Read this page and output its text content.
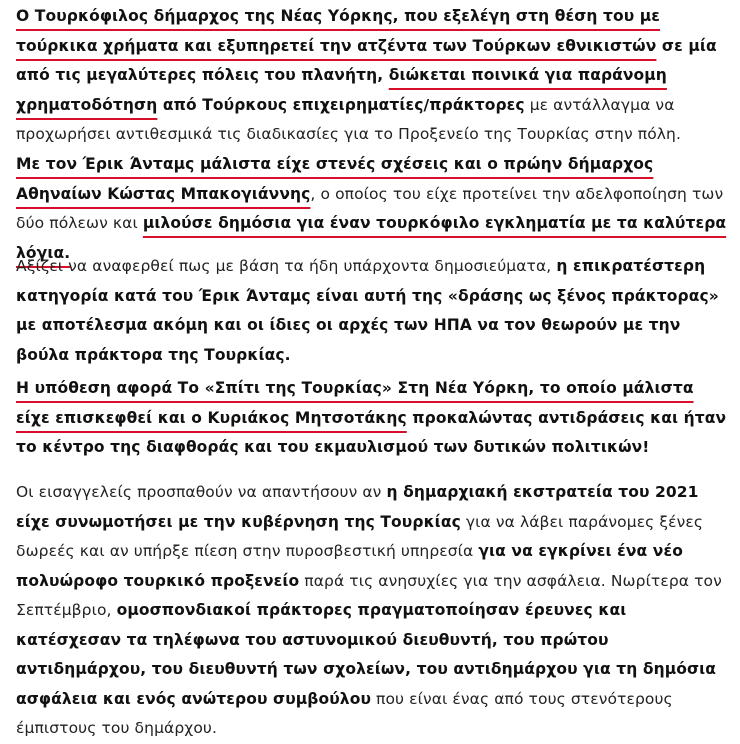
Ο Τουρκόφιλος δήμαρχος της Νέας Υόρκης, που εξελέγη στη θέση του με τούρκικα χρήματα και εξυπηρετεί την ατζέντα των Τούρκων εθνικιστών σε μία από τις μεγαλύτερες πόλεις του πλανήτη, διώκεται ποινικά για παράνομη χρηματοδότηση από Τούρκους επιχειρηματίες/πράκτορες με αντάλλαγμα να προχωρήσει αντιθεσμικά τις διαδικασίες για το Προξενείο της Τουρκίας στην πόλη.

Με τον Έρικ Άνταμς μάλιστα είχε στενές σχέσεις και ο πρώην δήμαρχος Αθηναίων Κώστας Μπακογιάννης, ο οποίος του είχε προτείνει την αδελφοποίηση των δύο πόλεων και μιλούσε δημόσια για έναν τουρκόφιλο εγκληματία με τα καλύτερα λόγια.

Αξίζει να αναφερθεί πως με βάση τα ήδη υπάρχοντα δημοσιεύματα, η επικρατέστερη κατηγορία κατά του Έρικ Άνταμς είναι αυτή της «δράσης ως ξένος πράκτορας» με αποτέλεσμα ακόμη και οι ίδιες οι αρχές των ΗΠΑ να τον θεωρούν με την βούλα πράκτορα της Τουρκίας.

Η υπόθεση αφορά Το «Σπίτι της Τουρκίας» Στη Νέα Υόρκη, το οποίο μάλιστα είχε επισκεφθεί και ο Κυριάκος Μητσοτάκης προκαλώντας αντιδράσεις και ήταν το κέντρο της διαφθοράς και του εκμαυλισμού των δυτικών πολιτικών!

Οι εισαγγελείς προσπαθούν να απαντήσουν αν η δημαρχιακή εκστρατεία του 2021 είχε συνωμοτήσει με την κυβέρνηση της Τουρκίας για να λάβει παράνομες ξένες δωρεές και αν υπήρξε πίεση στην πυροσβεστική υπηρεσία για να εγκρίνει ένα νέο πολυώροφο τουρκικό προξενείο παρά τις ανησυχίες για την ασφάλεια. Νωρίτερα τον Σεπτέμβριο, ομοσπονδιακοί πράκτορες πραγματοποίησαν έρευνες και κατέσχεσαν τα τηλέφωνα του αστυνομικού διευθυντή, του πρώτου αντιδημάρχου, του διευθυντή των σχολείων, του αντιδημάρχου για τη δημόσια ασφάλεια και ενός ανώτερου συμβούλου που είναι ένας από τους στενότερους έμπιστους του δημάρχου.
